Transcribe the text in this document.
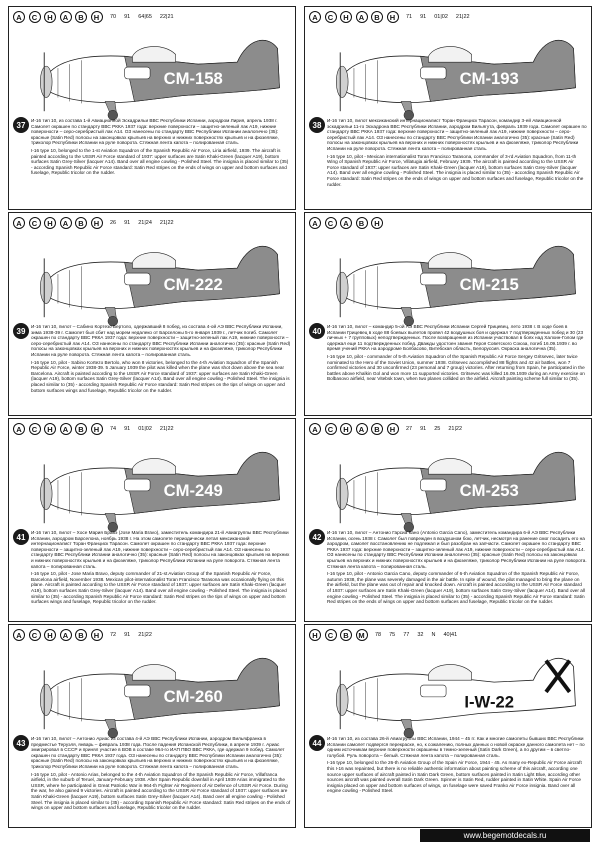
A	C	H	A	B	H	70 91 64|65 22|21
CM-158
37	И-16 тип 10, из состава 1-й Авиационной Эскадрильи ВВС Республики Испании, аэродром Лирия, апрель 1938 г. Самолет окрашен по стандарту ВВС РККА 1937 года: верхние поверхности – защитно-зеленый лак А19, нижние поверхности – серо-серебристый лак А14. ОЗ нанесены по стандарту ВВС Республики Испании аналогично (35): красные (Satin Red) полосы на законцовках крыльев на верхних и нижних поверхностях крыльев и на фюзеляже, триколор Республики Испании на руле поворота. Стяжная лента капота – полированная сталь.

I-16 type 10, belonged to the 1-st Aviation Squadron of the Spanish Republic Air Force, Liria airfield, 1939. The aircraft is painted according to the USSR Air Force standard of 1937: upper surfaces are Satin Khaki-Green (lacquer A19), bottom surfaces Satin Grey-Silver (lacquer A14). Band over all engine cowling - Polished Steel. The insignia is placed similar to (35) - according Spanish Republic Air Force standard: Satin Red stripes on the ends of wings on upper and bottom surfaces and fuselage, Republic tricolor on the rudder.

A	C	H	A	B	H	71 91 01|02 21|22
CM-193
38	И-16 тип 10, пилот мексиканский интернационалист Торан Франциск Тарасон, командир 3-ей Авиационной эскадрильи 11-го Эскадрона ВВС Республики Испании, аэродром Вильягута, февраль 1939 года. Самолет окрашен по стандарту ВВС РККА 1937 года: верхние поверхности – защитно-зеленый лак А19, нижние поверхности – серо-серебристый лак А14. ОЗ нанесены по стандарту ВВС Республики Испании аналогично (35): красные (Satin Red) полосы на законцовках крыльев на верхних и нижних поверхностях крыльев и на фюзеляже, триколор Республики Испании на руле поворота. Стяжная лента капота – полированная сталь.

I-16 type 10, pilot - Mexican internationalist Toran Francisco Tarasona, commander of 3-rd Aviation Squadron, from 11-th Wing of Spanish Republic Air Force, Villatugia airfield, February 1939. The aircraft is painted according to the USSR Air Force standard of 1937: upper surfaces are Satin Khaki-Green (lacquer A19), bottom surfaces Satin Grey-Silver (lacquer A14). Band over all engine cowling - Polished Steel. The insignia is placed similar to (35) - according Spanish Republic Air Force standard: Satin Red stripes on the ends of wings on upper and bottom surfaces and fuselage, Republic tricolor on the rudder.

A	C	H	A	B	H	26 91 21|24 21|22
CM-222
39	И-16 тип 10, пилот – Сабино Кортезо Бертоло, одержавший 8 побед, из состава 4-ой АЭ ВВС Республики Испании, зима 1938-39 г. Самолет был сбит над морем недалеко от Барселоны 5-го января 1939 г., летчик погиб. Самолет окрашен по стандарту ВВС РККА 1937 года: верхние поверхности – защитно-зеленый лак А19, нижние поверхности – серо-серебристый лак А14. ОЗ нанесены по стандарту ВВС Республики Испании аналогично (35): красные (Satin Red) полосы на законцовках крыльев на верхних и нижних поверхностях крыльев и на фюзеляже, триколор Республики Испании на руле поворота. Стяжная лента капота – полированная сталь.

I-16 type 10, pilot - Sabino Kortezo Bertolo, who won 8 victories, belonged to the 4-th Aviation Squadron of the Spanish Republic Air Force, winter 1938-39. 5 January 1939 the pilot was killed when the plane was shot down above the sea near Barcelona. Aircraft is painted according to the USSR Air Force standard of 1937: upper surfaces are Satin Khaki-Green (lacquer A19), bottom surfaces Satin Grey-Silver (lacquer A14). Band over all engine cowling - Polished Steel. The insignia is placed similar to (35) - according Spanish Republic Air Force standard: Satin Red stripes on the tips of wings on upper and bottom surfaces wings and fuselage, Republic tricolor on the rudder.

A	C	A	B	H
CM-215
40	И-16 тип 10, пилот – командир 5-ой АЭ ВВС Республики Испании Сергей Грицевец, лето 1938 г. В ходе боев в Испании Грицевец в ходе 88 боевых вылетов провел 42 воздушных боя и одержал 7 подтвержденных побед и 30 (23 личных + 7 групповых) неподтвержденных. После возвращения из Испании участвовал в боях над Халхин-Голом где одержал еще 11 подтвержденных побед. Дважды удостоен звания Героя Советского Союза, погиб 16.09.1939 г. во время учений РККА на аэродроме Болбасово, Витебская область, Белоруссия. Окраска аналогична (35).

I-16 type 10, pilot - commander of 5-th Aviation Squadron of the Spanish Republic Air Force Sergey Gritsevec, later twice nominated to the Hero of the Soviet Union, summer 1938. Gritsevec accomplished 88 flights and 42 air battles, won 7 confirmed victories and 30 unconfirmed (23 personal and 7 group) victories. After returning from Spain, he participated in the battles above Khalkin Gol and won more 11 supported victories. Gritsevec was killed 16.09.1939 during an Army exercise on Bolbasovo airfield, near Vitebsk town, when two planes collided on the airfield. Aircraft painting scheme full similar to (35).

A	C	H	A	B	H	74 91 01|02 21|22
CM-249
41	И-16 тип 10, пилот – Хосе Мария Бравэ (Jose Maria Bravo), заместитель командира 21-й Авиагруппы ВВС Республики Испании, аэродром Барселона, ноябрь 1938 г. На этом самолете периодически летал мексиканский интернационалист Торан Франциск Тарасон. Самолет окрашен по стандарту ВВС РККА 1937 года: верхние поверхности – защитно-зеленый лак А19, нижние поверхности – серо-серебристый лак А14. ОЗ нанесены по стандарту ВВС Республики Испании аналогично (35): красные (Satin Red) полосы на законцовках крыльев на верхних и нижних поверхностях крыльев и на фюзеляже, триколор Республики Испании на руле поворота. Стяжная лента капота – полированная сталь.

I-16 type 10, pilot - Jose Maria Bravo, deputy commander of 21-st Aviation Group of the Spanish Republic Air Force, Barcelona airfield, November 1938. Mexican pilot-internationalist Toran Francisco Tarasona was occasionally flying on this plane. Aircraft is painted according to the USSR Air Force standard of 1937: upper surfaces are Satin Khaki-Green (lacquer A19), bottom surfaces Satin Grey-Silver (lacquer A14). Band over all engine cowling - Polished Steel. The insignia is placed similar to (35) - according Spanish Republic Air Force standard: Satin Red stripes on the tips of wings on upper and bottom surfaces wings and fuselage, Republic tricolor on the rudder.

A	C	H	A	B	H	27 91 25 21|22
CM-253
42	И-16 тип 10, пилот – Антонио Гарсиа Кано (Antonio Garcia Cano), заместитель командира 6-й АЭ ВВС Республики Испании, осень 1938 г. Самолет был поврежден в воздушном бою, летчик, несмотря на ранение смог посадить его на аэродром, самолет восстановлению не подлежал и был разобран на запчасти. Самолет окрашен по стандарту ВВС РККА 1937 года: верхние поверхности – защитно-зеленый лак А19, нижние поверхности – серо-серебристый лак А14. ОЗ нанесены по стандарту ВВС Республики Испании аналогично (35): красные (Satin Red) полосы на законцовках крыльев на верхних и нижних поверхностях крыльев и на фюзеляже, триколор Республики Испании на руле поворота. Стяжная лента капота – полированная сталь.

I-16 type 10, pilot - Antonio Garcia Cano, deputy commander of 6-th Aviation Squadron of the Spanish Republic Air Force, autumn 1938, the plane was severely damaged in the air battle. In spite of wound, the pilot managed to bring the plane on the airfield, but the plane was out of repair and knocked down. Aircraft is painted according to the USSR Air Force standard of 1937: upper surfaces are Satin Khaki-Green (lacquer A19), bottom surfaces Satin Grey-Silver (lacquer A14). Band over all engine cowling - Polished Steel. The insignia is placed similar to (35) - according Spanish Republic Air Force standard: Satin Red stripes on the ends of wings on upper and bottom surfaces and fuselage, Republic tricolor on the rudder.

A	C	H	A	B	H	72 91 21|22
CM-260
43	И-16 тип 10, пилот – Антонио Ариас из состава 4-й АЭ ВВС Республики Испании, аэродром Вильяфранка в предместье Теруэля, январь – февраль 1938 года. После падения Испанской Республики, в апреле 1939 г. Ариас эмигрировал в СССР и принял участие в ВОВ в составе 964-го ИАП ПВО ВВС РККА, где одержал 9 побед. Самолет окрашен по стандарту ВВС РККА 1937 года. ОЗ нанесены по стандарту ВВС Республики Испании аналогично (35): красные (Satin Red) полосы на законцовках крыльев на верхних и нижних поверхностях крыльев и на фюзеляже, триколор Республики Испании на руле поворота. Стяжная лента капота – полированная сталь.

I-16 type 10, pilot - Antonio Arias, belonged to the 4-th Aviation Squadron of the Spanish Republic Air Force, Villafranca airfield, in the suburb of Teruel, January-February 1938. After Spain Republic downfall in April 1939 Arias immigrated to the USSR, where he participated in Great Patriotic War in 964-th Fighter Air Regiment of Air Defence of USSR Air Force. During the war, he also gained 9 victories. Aircraft is painted according to the USSR Air Force standard of 1937: upper surfaces are Satin Khaki-Green (lacquer A19), bottom surfaces Satin Grey-Silver (lacquer A14). Band over all engine cowling - Polished Steel. The insignia is placed similar to (35) - according Spanish Republic Air Force standard: Satin Red stripes on the ends of wings on upper and bottom surfaces and fuselage, Republic tricolor on the rudder.

H	C	B	M	78 75 77 32 N 40|41
I-W-22
44	И-16 тип 10, из состава 26-й Авиагруппы ВВС Испании, 1944 – 45 гг. Как и многие самолеты бывших ВВС Республики Испании самолет подвергся перекраске, но, к сожалению, полных данных о новой окраске данного самолета нет – по одним источникам верхние поверхности окрашены в темно-зеленый (Satin Dark Green), а по другим – в светло-голубой. Руль поворота – белый. Стяжная лента капота – полированная сталь.

I-16 type 10, belonged to the 26-th Aviation Group of the Spain Air Force, 1944 - 45. As many ex-Republic Air Force aircraft this I-16 was repainted, but there is no reliable authentic information about painting scheme of this aircraft, according one source upper surfaces of aircraft painted in Satin Dark Green, bottom surfaces painted in Satin Light Blue, according other sources aircraft was painted overall Satin Dark Green. Spinner is Satin Red, rudder painted in Satin White. Spain Air Force insignia placed on upper and bottom surfaces of wings, on fuselage were saved Franko Air Force insignia. Band over all engine cowling - Polished Steel.

www.begemotdecals.ru
